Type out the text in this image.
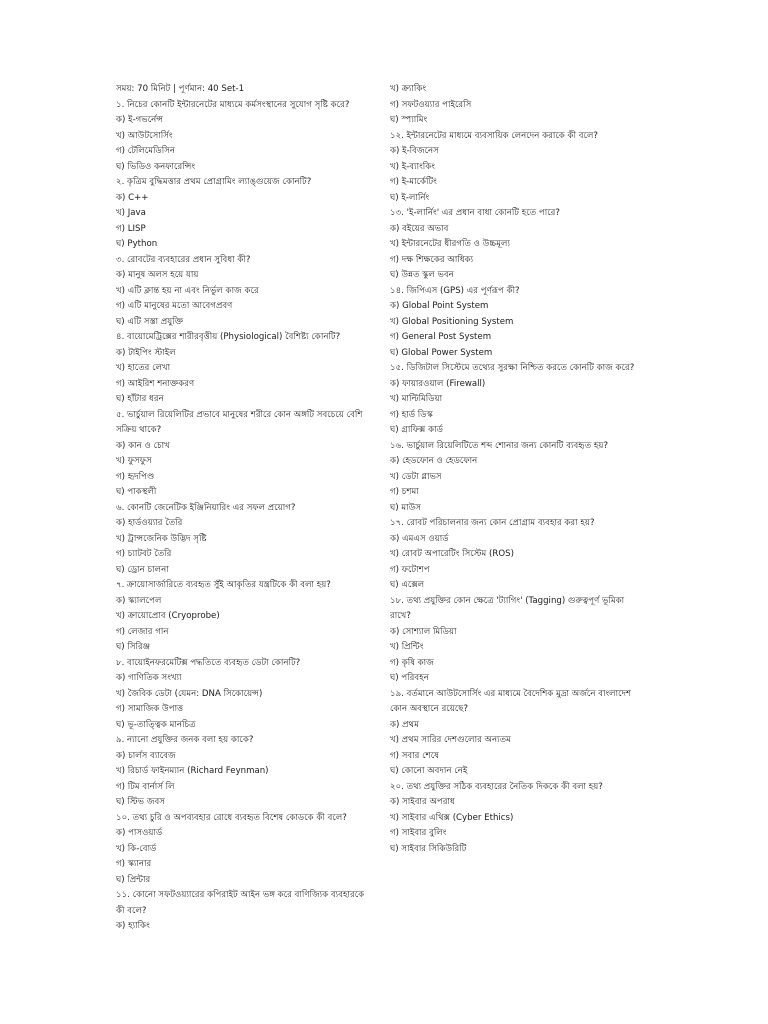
সময়: 70 মিনিট | পূর্ণমান: 40 Set-1
১. নিচের কোনটি ইন্টারনেটের মাধ্যমে কর্মসংস্থানের সুযোগ সৃষ্টি করে?
ক) ই-গভর্নেন্স
খ) আউটসোর্সিং
গ) টেলিমেডিসিন
ঘ) ভিডিও কনফারেন্সিং
২. কৃত্রিম বুদ্ধিমত্তার প্রথম প্রোগ্রামিং ল্যাঙ্গুয়েজ কোনটি?
ক) C++
খ) Java
গ) LISP
ঘ) Python
৩. রোবটের ব্যবহারের প্রধান সুবিধা কী?
ক) মানুষ অলস হয়ে যায়
খ) এটি ক্লান্ত হয় না এবং নির্ভুল কাজ করে
গ) এটি মানুষের মতো আবেগপ্রবণ
ঘ) এটি সস্তা প্রযুক্তি
৪. বায়োমেট্রিক্সের শারীরবৃত্তীয় (Physiological) বৈশিষ্ট্য কোনটি?
ক) টাইপিং স্টাইল
খ) হাতের লেখা
গ) আইরিশ শনাক্তকরণ
ঘ) হাঁটার ধরন
৫. ভার্চুয়াল রিয়েলিটির প্রভাবে মানুষের শরীরে কোন অঙ্গটি সবচেয়ে বেশি
সক্রিয় থাকে?
ক) কান ও চোখ
খ) ফুসফুস
গ) হৃদপিণ্ড
ঘ) পাকস্থলী
৬. কোনটি জেনেটিক ইঞ্জিনিয়ারিং এর সফল প্রয়োগ?
ক) হার্ডওয়্যার তৈরি
খ) ট্রান্সজেনিক উদ্ভিদ সৃষ্টি
গ) চ্যাটবট তৈরি
ঘ) ড্রোন চালনা
৭. ক্রায়োসার্জারিতে ব্যবহৃত সুঁই আকৃতির যন্ত্রটিকে কী বলা হয়?
ক) স্ক্যালপেল
খ) ক্রায়োপ্রোব (Cryoprobe)
গ) লেজার গান
ঘ) সিরিঞ্জ
৮. বায়োইনফরমেটিক্স পদ্ধতিতে ব্যবহৃত ডেটা কোনটি?
ক) গাণিতিক সংখ্যা
খ) জৈবিক ডেটা (যেমন: DNA সিকোয়েন্স)
গ) সামাজিক উপাত্ত
ঘ) ভূ-তাত্ত্বিক মানচিত্র
৯. ন্যানো প্রযুক্তির জনক বলা হয় কাকে?
ক) চার্লস ব্যাবেজ
খ) রিচার্ড ফাইনম্যান (Richard Feynman)
গ) টিম বার্নার্স লি
ঘ) স্টিভ জবস
১০. তথ্য চুরি ও অপব্যবহার রোধে ব্যবহৃত বিশেষ কোডকে কী বলে?
ক) পাসওয়ার্ড
খ) কি-বোর্ড
গ) স্ক্যানার
ঘ) প্রিন্টার
১১. কোনো সফটওয়্যারের কপিরাইট আইন ভঙ্গ করে বাণিজ্যিক ব্যবহারকে
কী বলে?
ক) হ্যাকিং
খ) ক্র্যাকিং
গ) সফটওয়্যার পাইরেসি
ঘ) স্প্যামিং
১২. ইন্টারনেটের মাধ্যমে ব্যবসায়িক লেনদেন করাকে কী বলে?
ক) ই-বিজনেস
খ) ই-ব্যাংকিং
গ) ই-মার্কেটিং
ঘ) ই-লার্নিং
১৩. 'ই-লার্নিং' এর প্রধান বাধা কোনটি হতে পারে?
ক) বইয়ের অভাব
খ) ইন্টারনেটের ধীরগতি ও উচ্চমূল্য
গ) দক্ষ শিক্ষকের আধিক্য
ঘ) উন্নত স্কুল ভবন
১৪. জিপিএস (GPS) এর পূর্ণরূপ কী?
ক) Global Point System
খ) Global Positioning System
গ) General Post System
ঘ) Global Power System
১৫. ডিজিটাল সিস্টেমে তথ্যের সুরক্ষা নিশ্চিত করতে কোনটি কাজ করে?
ক) ফায়ারওয়াল (Firewall)
খ) মাল্টিমিডিয়া
গ) হার্ড ডিস্ক
ঘ) গ্রাফিক্স কার্ড
১৬. ভার্চুয়াল রিয়েলিটিতে শব্দ শোনার জন্য কোনটি ব্যবহৃত হয়?
ক) হেডফোন ও হেডফোন
খ) ডেটা গ্লাভস
গ) চশমা
ঘ) মাউস
১৭. রোবট পরিচালনার জন্য কোন প্রোগ্রাম ব্যবহার করা হয়?
ক) এমএস ওয়ার্ড
খ) রোবট অপারেটিং সিস্টেম (ROS)
গ) ফটোশপ
ঘ) এক্সেল
১৮. তথ্য প্রযুক্তির কোন ক্ষেত্রে 'ট্যাগিং' (Tagging) গুরুত্বপূর্ণ ভূমিকা
রাখে?
ক) সোশ্যাল মিডিয়া
খ) প্রিন্টিং
গ) কৃষি কাজ
ঘ) পরিবহন
১৯. বর্তমানে আউটসোর্সিং এর মাধ্যমে বৈদেশিক মুদ্রা অর্জনে বাংলাদেশ
কোন অবস্থানে রয়েছে?
ক) প্রথম
খ) প্রথম সারির দেশগুলোর অন্যতম
গ) সবার শেষে
ঘ) কোনো অবদান নেই
২০. তথ্য প্রযুক্তির সঠিক ব্যবহারের নৈতিক দিককে কী বলা হয়?
ক) সাইবার অপরাধ
খ) সাইবার এথিক্স (Cyber Ethics)
গ) সাইবার বুলিং
ঘ) সাইবার সিকিউরিটি
